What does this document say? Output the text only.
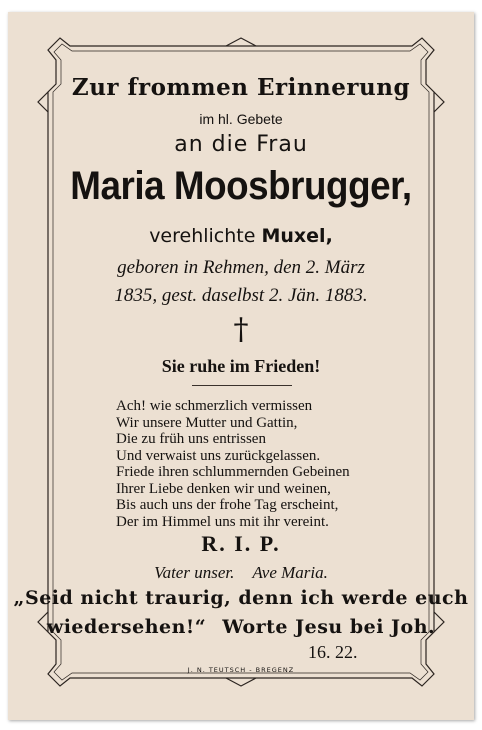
Zur frommen Erinnerung

im hl. Gebete

an die Frau

Maria Moosbrugger,

verehlichte Muxel,

geboren in Rehmen, den 2. März

1835, gest. daselbst 2. Jän. 1883.

†

Sie ruhe im Frieden!

Ach! wie schmerzlich vermissen
Wir unsere Mutter und Gattin,
Die zu früh uns entrissen
Und verwaist uns zurückgelassen.
Friede ihren schlummernden Gebeinen
Ihrer Liebe denken wir und weinen,
Bis auch uns der frohe Tag erscheint,
Der im Himmel uns mit ihr vereint.

R. I. P.

Vater unser. Ave Maria.

„Seid nicht traurig, denn ich werde euch

wiedersehen!“ Worte Jesu bei Joh.

16. 22.

J. N. TEUTSCH - BREGENZ
